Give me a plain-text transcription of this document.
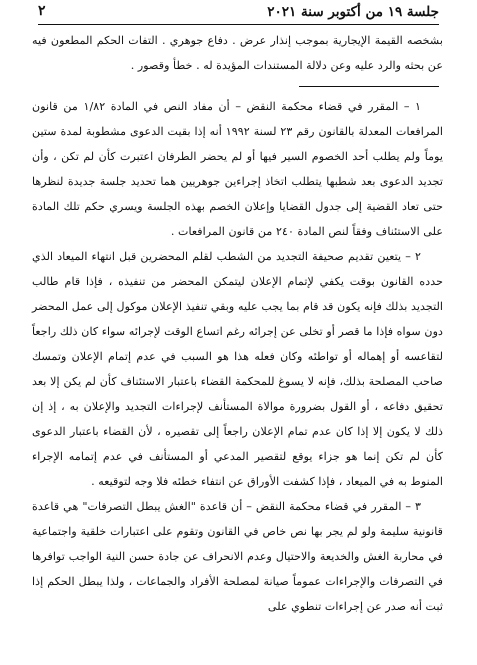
جلسة ١٩ من أكتوبر سنة ٢٠٢١
٢

بشخصه القيمة الإيجارية بموجب إنذار عرض . دفاع جوهري . التفات الحكم المطعون فيه عن بحثه والرد عليه وعن دلالة المستندات المؤيدة له . خطأ وقصور .

١ – المقرر في قضاء محكمة النقض – أن مفاد النص في المادة ١/٨٢ من قانون المرافعات المعدلة بالقانون رقم ٢٣ لسنة ١٩٩٢ أنه إذا بقيت الدعوى مشطوبة لمدة ستين يوماً ولم يطلب أحد الخصوم السير فيها أو لم يحضر الطرفان اعتبرت كأن لم تكن ، وأن تجديد الدعوى بعد شطبها يتطلب اتخاذ إجراءين جوهريين هما تحديد جلسة جديدة لنظرها حتى تعاد القضية إلى جدول القضايا وإعلان الخصم بهذه الجلسة ويسري حكم تلك المادة على الاستئناف وفقاً لنص المادة ٢٤٠ من قانون المرافعات .

٢ – يتعين تقديم صحيفة التجديد من الشطب لقلم المحضرين قبل انتهاء الميعاد الذي حدده القانون بوقت يكفي لإتمام الإعلان ليتمكن المحضر من تنفيذه ، فإذا قام طالب التجديد بذلك فإنه يكون قد قام بما يجب عليه وبقي تنفيذ الإعلان موكول إلى عمل المحضر دون سواه فإذا ما قصر أو تخلى عن إجرائه رغم اتساع الوقت لإجرائه سواء كان ذلك راجعاً لتقاعسه أو إهماله أو تواطئه وكان فعله هذا هو السبب في عدم إتمام الإعلان وتمسك صاحب المصلحة بذلك، فإنه لا يسوغ للمحكمة القضاء باعتبار الاستئناف كأن لم يكن إلا بعد تحقيق دفاعه ، أو القول بضرورة موالاة المستأنف لإجراءات التجديد والإعلان به ، إذ إن ذلك لا يكون إلا إذا كان عدم تمام الإعلان راجعاً إلى تقصيره ، لأن القضاء باعتبار الدعوى كأن لم تكن إنما هو جزاء يوقع لتقصير المدعي أو المستأنف في عدم إتمامه الإجراء المنوط به في الميعاد ، فإذا كشفت الأوراق عن انتفاء خطئه فلا وجه لتوقيعه .

٣ – المقرر في قضاء محكمة النقض – أن قاعدة "الغش يبطل التصرفات" هي قاعدة قانونية سليمة ولو لم يجر بها نص خاص في القانون وتقوم على اعتبارات خلقية واجتماعية في محاربة الغش والخديعة والاحتيال وعدم الانحراف عن جادة حسن النية الواجب توافرها في التصرفات والإجراءات عموماً صيانة لمصلحة الأفراد والجماعات ، ولذا يبطل الحكم إذا ثبت أنه صدر عن إجراءات تنطوي على
